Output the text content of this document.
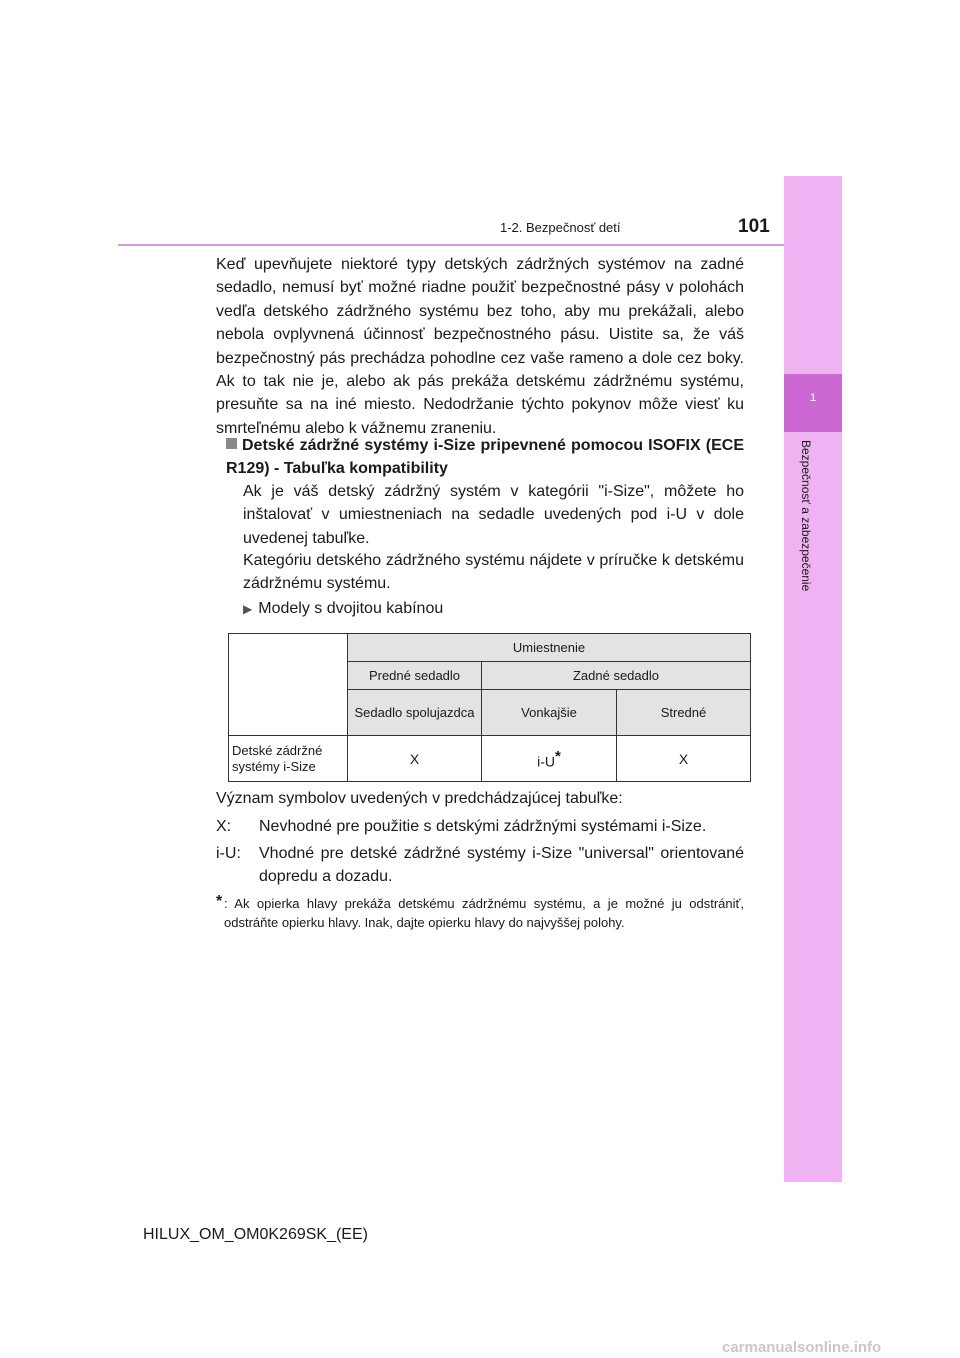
1-2. Bezpečnosť detí	101
1
Bezpečnosť a zabezpečenie
Keď upevňujete niektoré typy detských zádržných systémov na zadné sedadlo, nemusí byť možné riadne použiť bezpečnostné pásy v polohách vedľa detského zádržného systému bez toho, aby mu prekážali, alebo nebola ovplyvnená účinnosť bezpečnostného pásu. Uistite sa, že váš bezpečnostný pás prechádza pohodlne cez vaše rameno a dole cez boky. Ak to tak nie je, alebo ak pás prekáža detskému zádržnému systému, presuňte sa na iné miesto. Nedodržanie týchto pokynov môže viesť ku smrteľnému alebo k vážnemu zraneniu.
Detské zádržné systémy i-Size pripevnené pomocou ISOFIX (ECE R129) - Tabuľka kompatibility
Ak je váš detský zádržný systém v kategórii "i-Size", môžete ho inštalovať v umiestneniach na sedadle uvedených pod i-U v dole uvedenej tabuľke.
Kategóriu detského zádržného systému nájdete v príručke k detskému zádržnému systému.
▶ Modely s dvojitou kabínou
	Umiestnenie		
	Predné sedadlo	Zadné sedadlo	
	Sedadlo spolujazdca	Vonkajšie	Stredné
Detské zádržné systémy i-Size	X	i-U*	X
Význam symbolov uvedených v predchádzajúcej tabuľke:
X: Nevhodné pre použitie s detskými zádržnými systémami i-Size.
i-U: Vhodné pre detské zádržné systémy i-Size "universal" orientované dopredu a dozadu.
* : Ak opierka hlavy prekáža detskému zádržnému systému, a je možné ju odstrániť, odstráňte opierku hlavy. Inak, dajte opierku hlavy do najvyššej polohy.
HILUX_OM_OM0K269SK_(EE)
carmanualsonline.info
